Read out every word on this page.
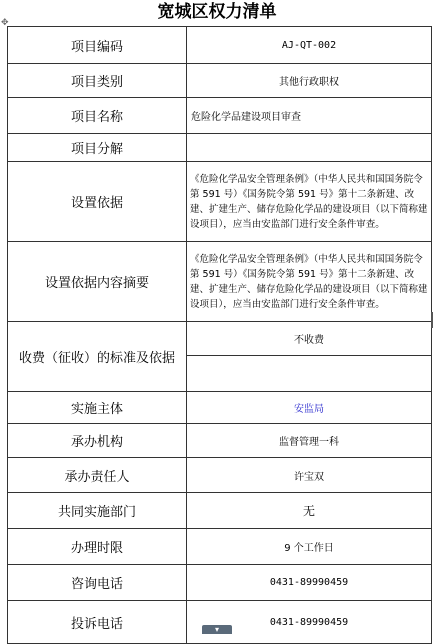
宽城区权力清单
✥
项目编码	AJ-QT-002
项目类别	其他行政职权
项目名称	危险化学品建设项目审查
项目分解	
设置依据	《危险化学品安全管理条例》（中华人民共和国国务院令第 591 号）《国务院令第 591 号》第十二条新建、改建、扩建生产、储存危险化学品的建设项目（以下简称建设项目），应当由安监部门进行安全条件审查。
设置依据内容摘要	《危险化学品安全管理条例》（中华人民共和国国务院令第 591 号）《国务院令第 591 号》第十二条新建、改建、扩建生产、储存危险化学品的建设项目（以下简称建设项目），应当由安监部门进行安全条件审查。
收费（征收）的标准及依据	不收费

实施主体	安监局
承办机构	监督管理一科
承办责任人	许宝双
共同实施部门	无
办理时限	9 个工作日
咨询电话	0431-89990459
投诉电话	0431-89990459
▾
